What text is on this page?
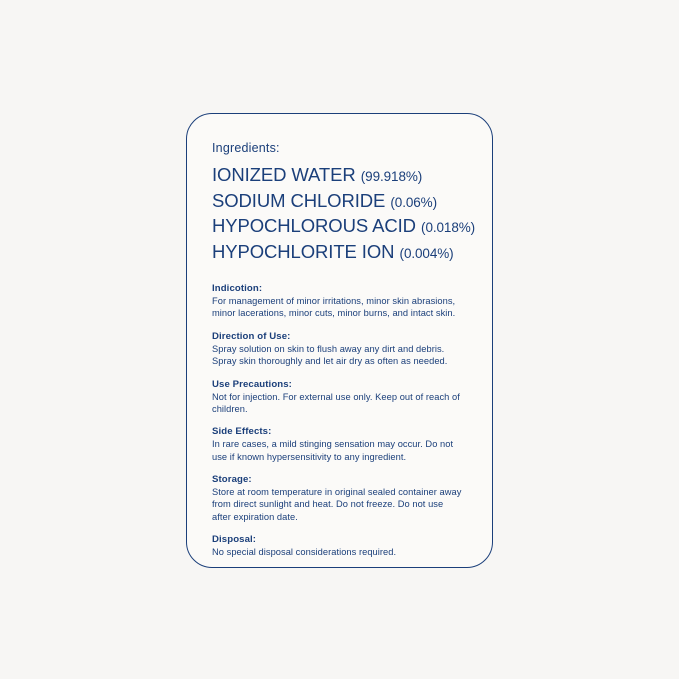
Ingredients:
IONIZED WATER (99.918%)
SODIUM CHLORIDE (0.06%)
HYPOCHLOROUS ACID (0.018%)
HYPOCHLORITE ION (0.004%)
Indicotion:
For management of minor irritations, minor skin abrasions, minor lacerations, minor cuts, minor burns, and intact skin.
Direction of Use:
Spray solution on skin to flush away any dirt and debris. Spray skin thoroughly and let air dry as often as needed.
Use Precautions:
Not for injection. For external use only. Keep out of reach of children.
Side Effects:
In rare cases, a mild stinging sensation may occur. Do not use if known hypersensitivity to any ingredient.
Storage:
Store at room temperature in original sealed container away from direct sunlight and heat. Do not freeze. Do not use after expiration date.
Disposal:
No special disposal considerations required.
